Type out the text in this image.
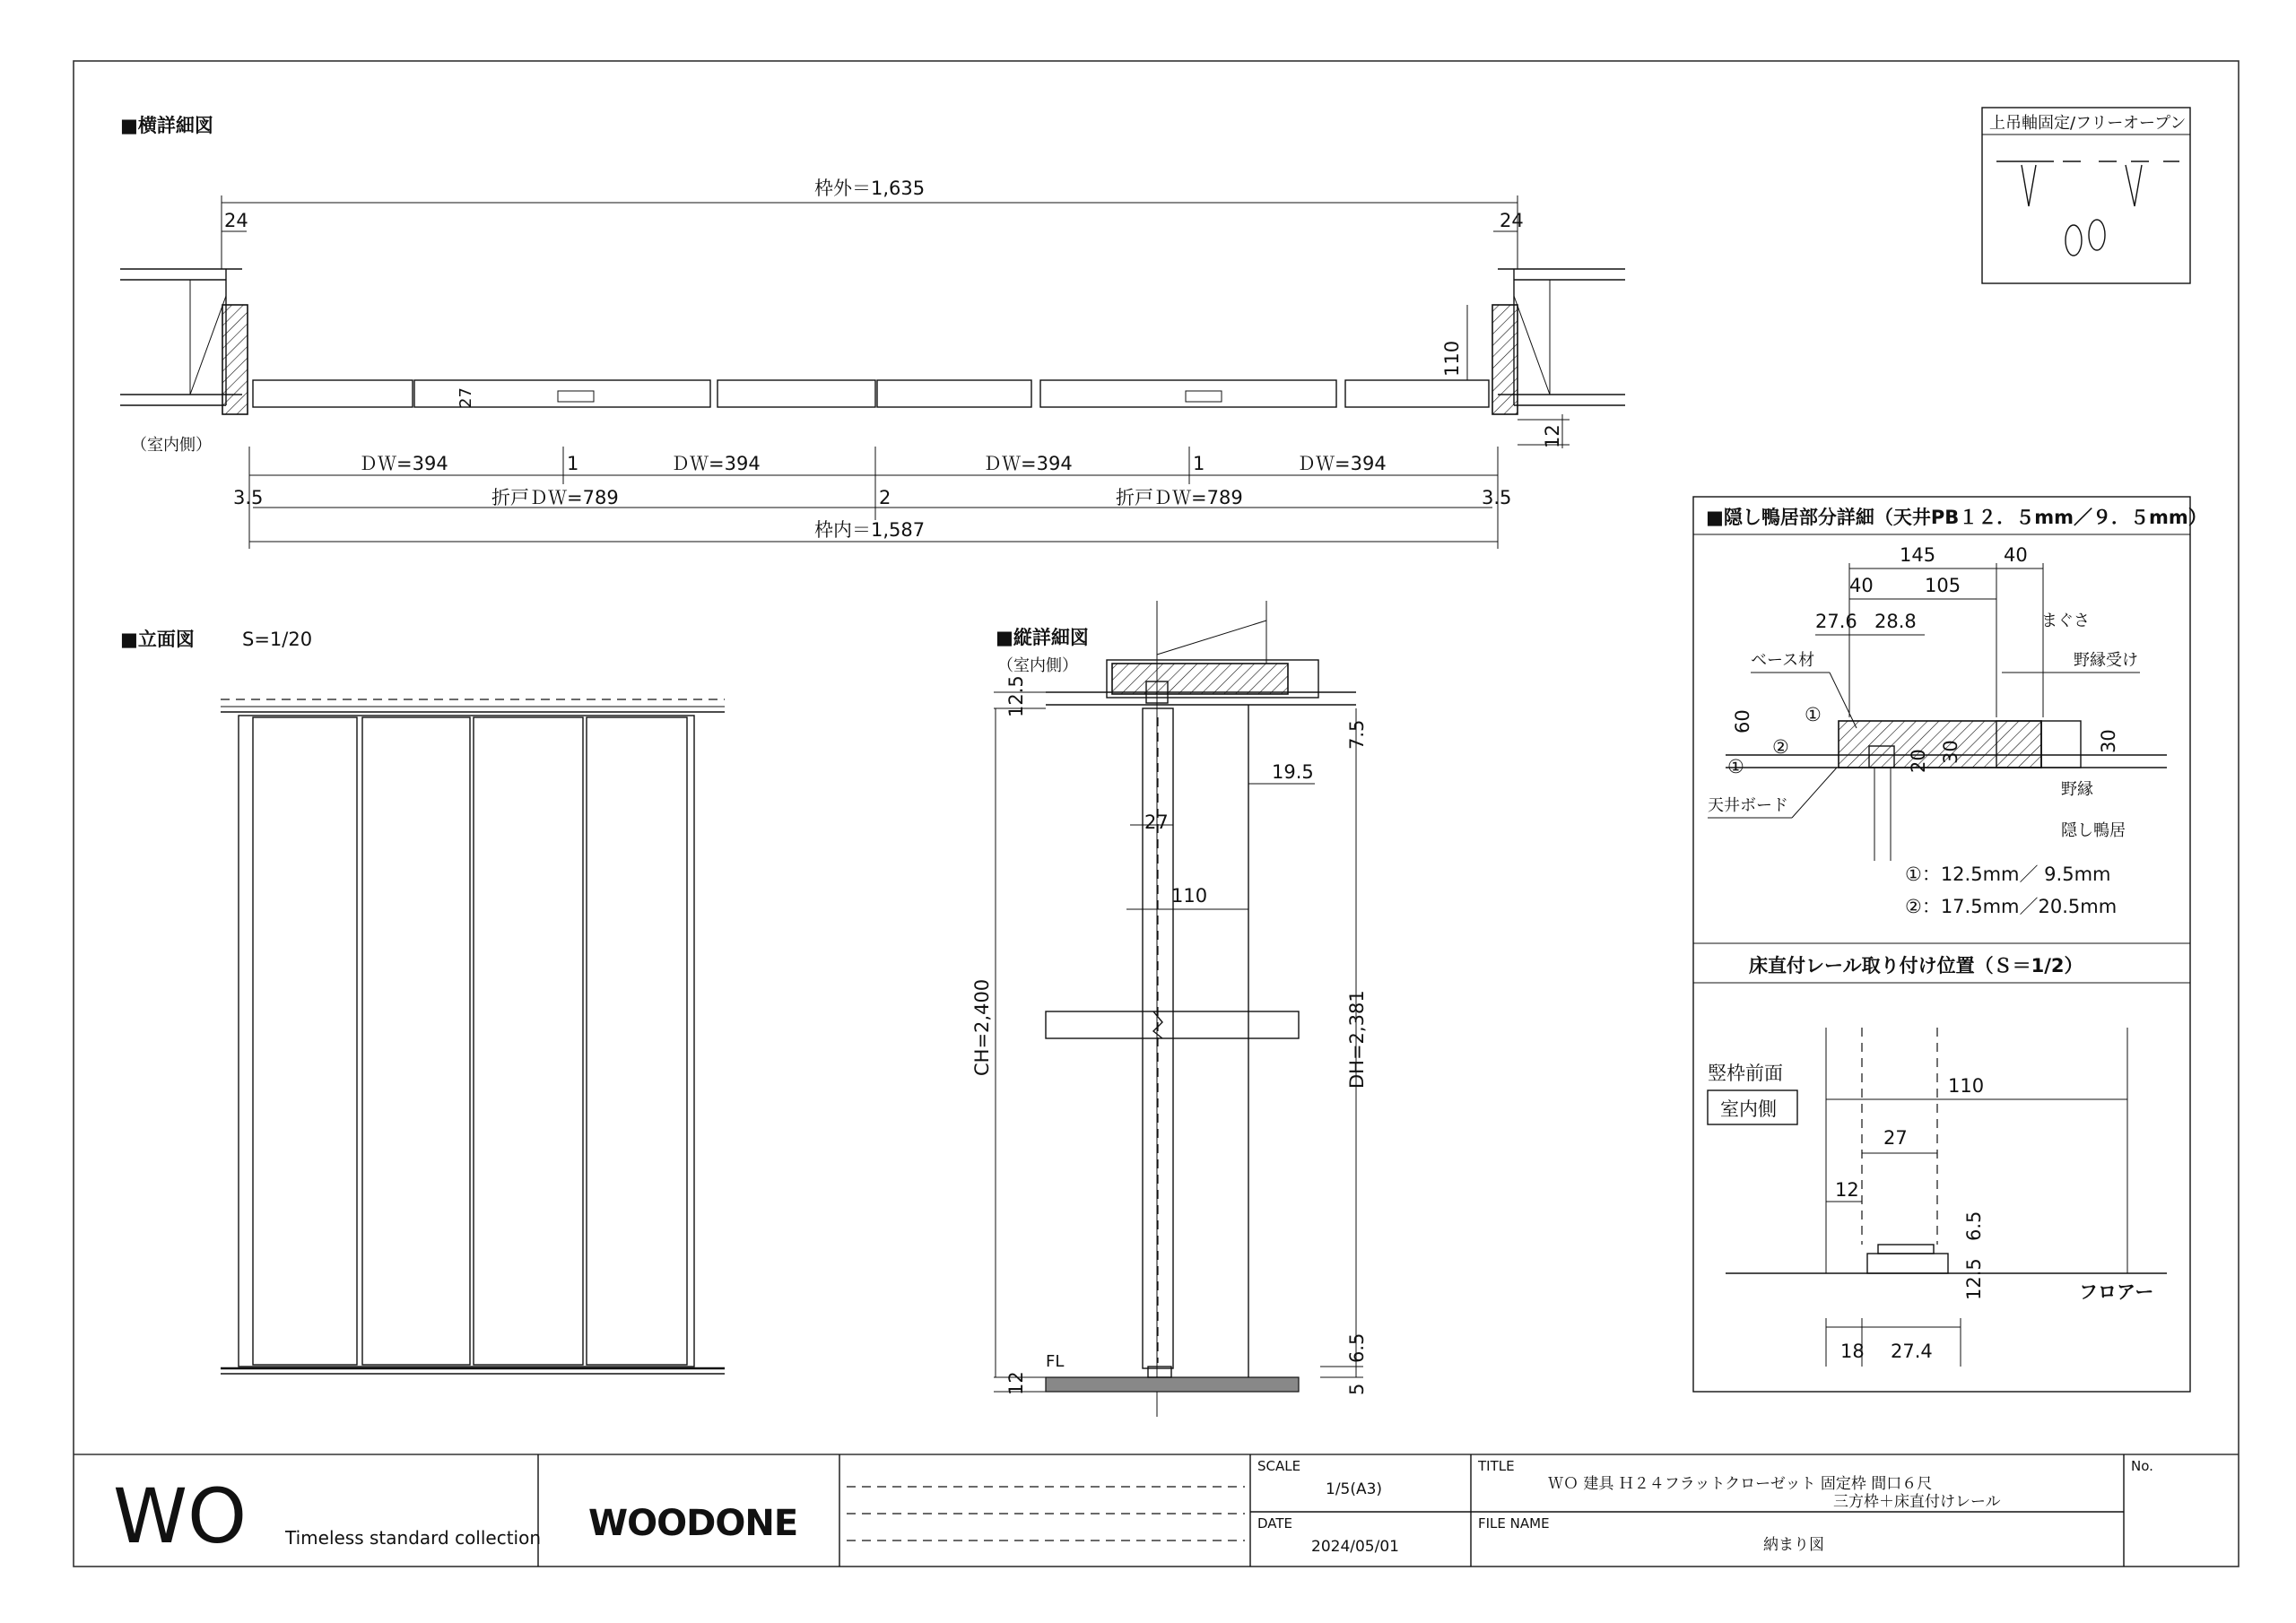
■横詳細図
枠外＝1,635
24	24
27
110
12
（室内側）
ＤＷ=394	1	ＤＷ=394	ＤＷ=394	1	ＤＷ=394
3.5	折戸ＤＷ=789	2	折戸ＤＷ=789	3.5
枠内＝1,587
上吊軸固定/フリーオープン
■立面図	S=1/20	■縦詳細図
（室内側）
12.5
CH=2,400
27
110
19.5
7.5
DH=2,381
FL
12
6.5
5
■隠し鴨居部分詳細（天井PB１２．５mm／９．５mm）
145	40
40	105
27.6 28.8	まぐさ
野縁受け
ベース材
60
①
①
②
20 30	30
野縁
隠し鴨居
天井ボード
①：12.5mm／ 9.5mm
②：17.5mm／20.5mm
床直付レール取り付け位置（Ｓ＝1/2）
竪枠前面
室内側
110
27
12
6.5
12.5	フロアー
18 27.4
WO Timeless standard collection WOODONE
SCALE
1/5(A3)
DATE
2024/05/01
TITLE
ＷＯ 建具 Ｈ２４フラットクローゼット 固定枠 間口６尺
三方枠＋床直付けレール
FILE NAME
納まり図
No.
